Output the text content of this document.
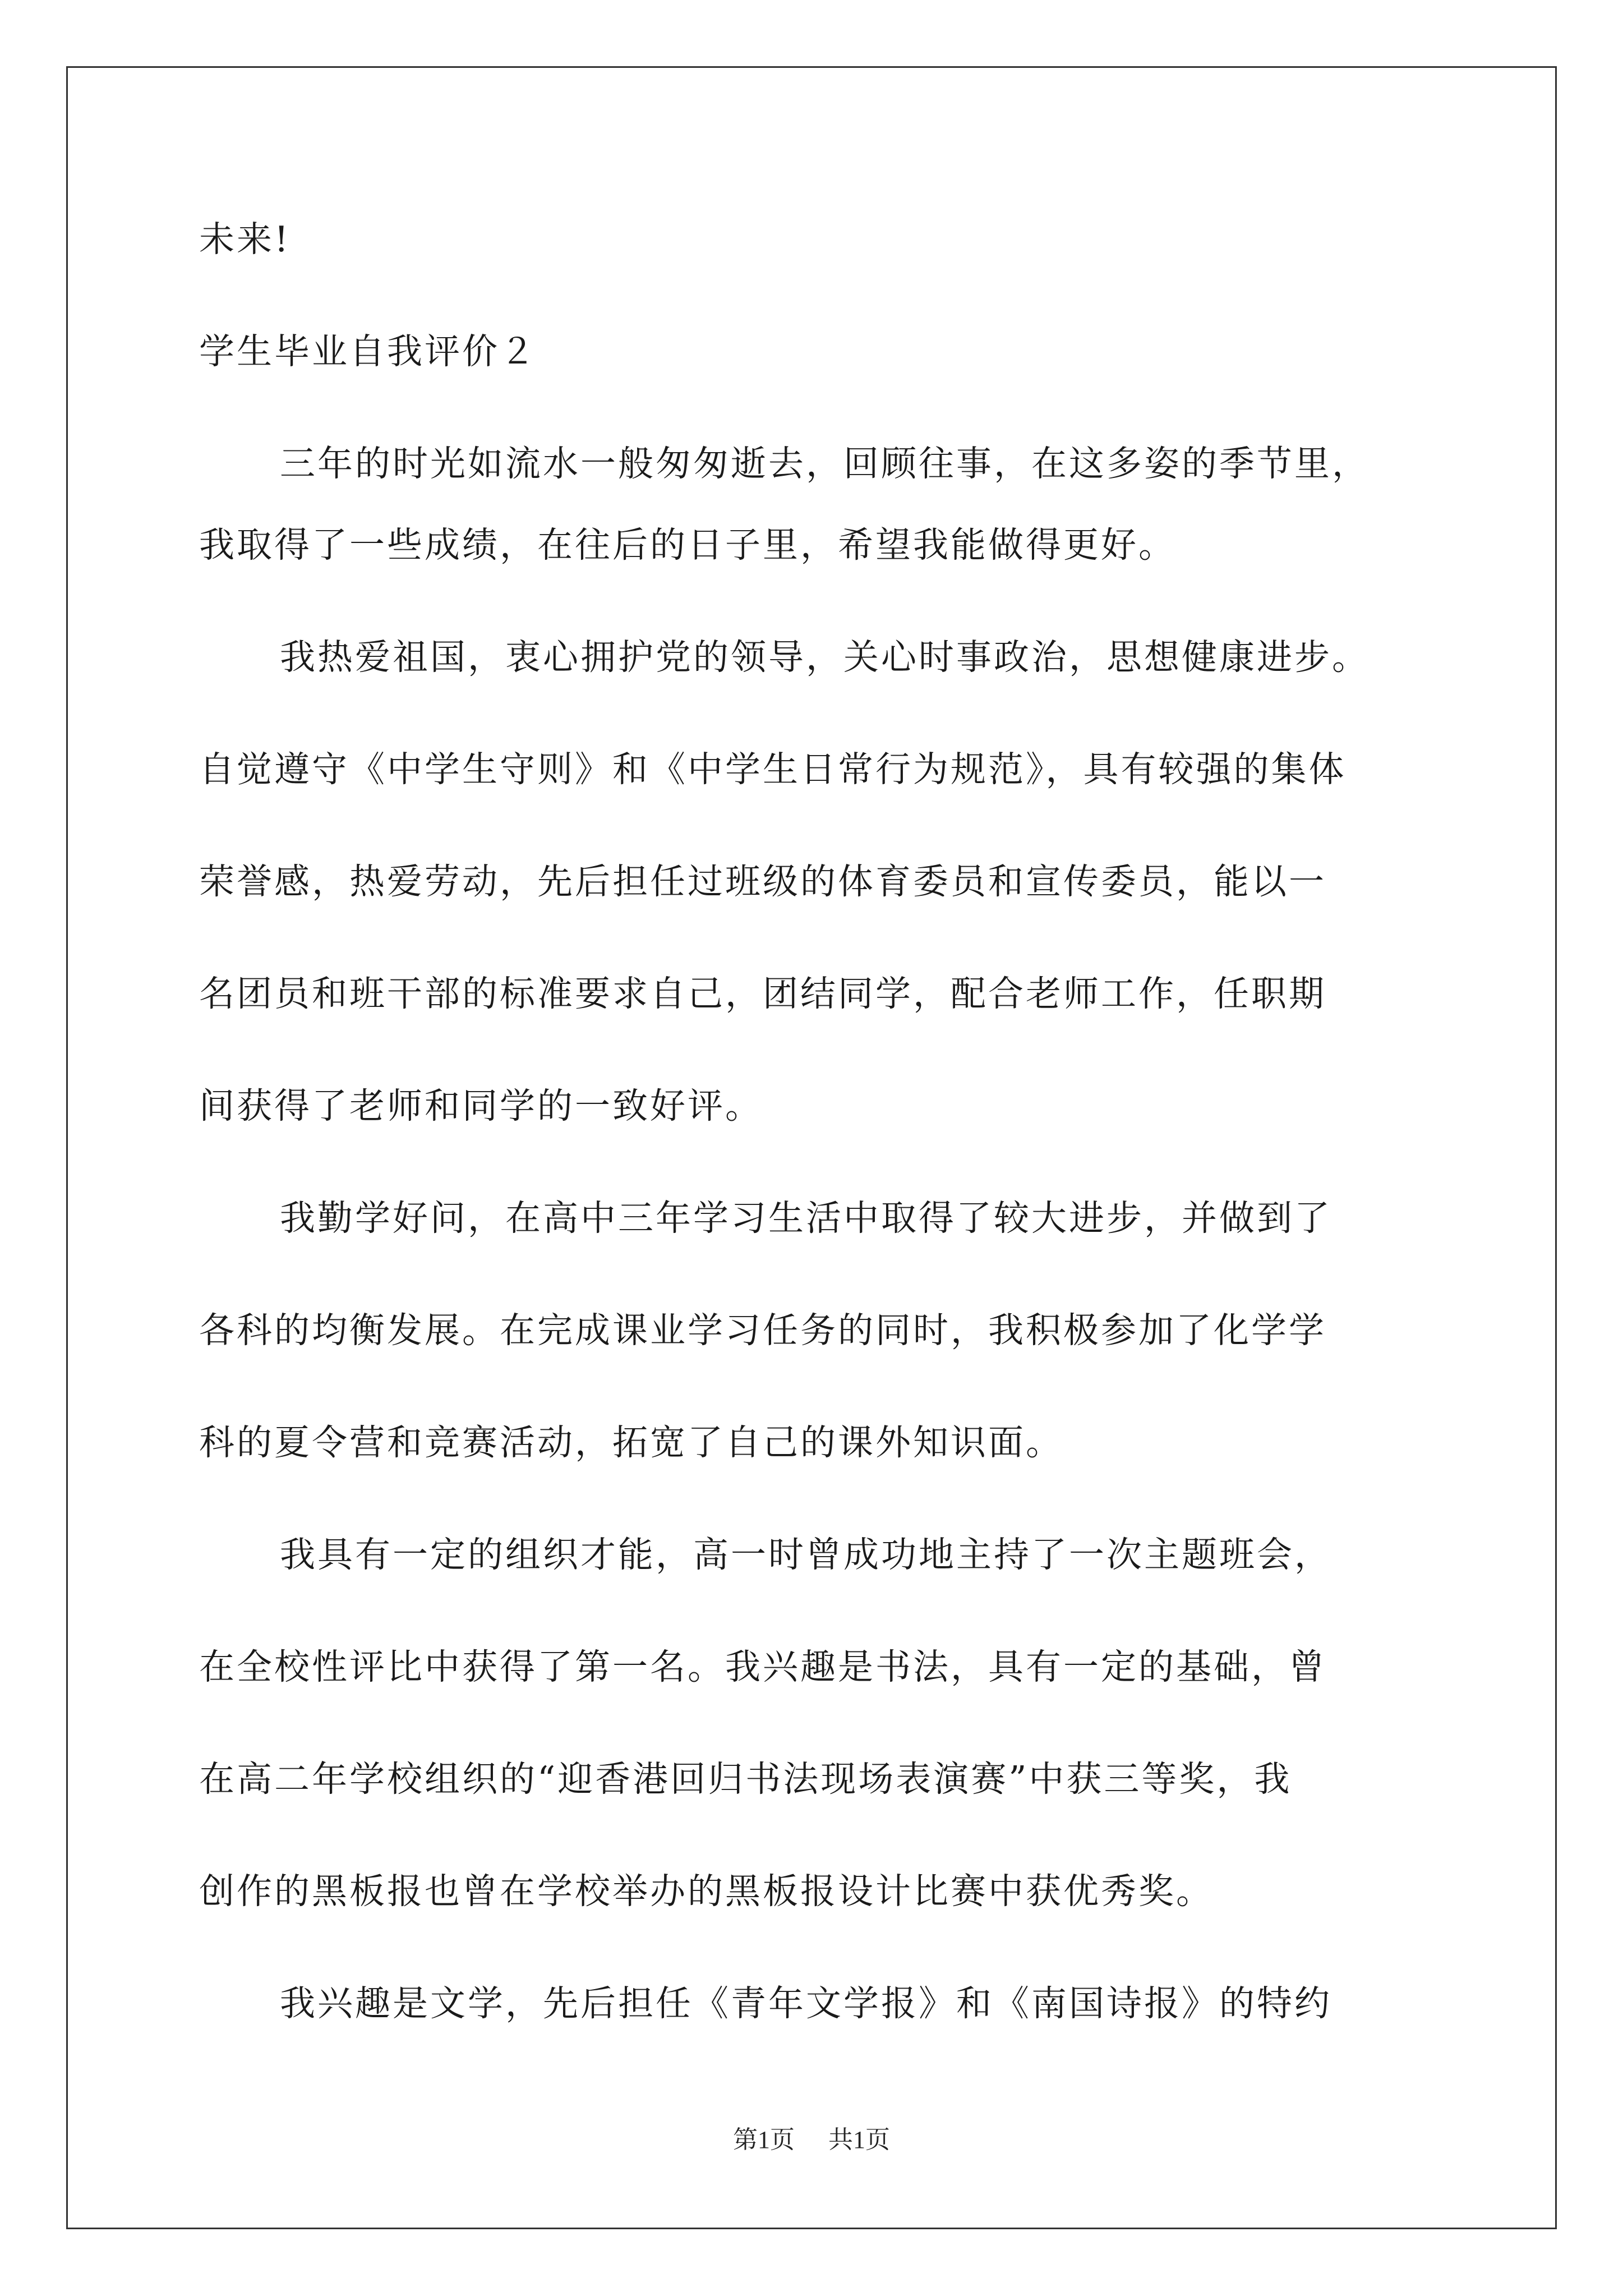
未来!
学生毕业自我评价２
三年的时光如流水一般匆匆逝去，回顾往事，在这多姿的季节里，
我取得了一些成绩，在往后的日子里，希望我能做得更好。
我热爱祖国，衷心拥护党的领导，关心时事政治，思想健康进步。
自觉遵守《中学生守则》和《中学生日常行为规范》，具有较强的集体
荣誉感，热爱劳动，先后担任过班级的体育委员和宣传委员，能以一
名团员和班干部的标准要求自己，团结同学，配合老师工作，任职期
间获得了老师和同学的一致好评。
我勤学好问，在高中三年学习生活中取得了较大进步，并做到了
各科的均衡发展。在完成课业学习任务的同时，我积极参加了化学学
科的夏令营和竞赛活动，拓宽了自己的课外知识面。
我具有一定的组织才能，高一时曾成功地主持了一次主题班会，
在全校性评比中获得了第一名。我兴趣是书法，具有一定的基础，曾
在高二年学校组织的“迎香港回归书法现场表演赛”中获三等奖，我
创作的黑板报也曾在学校举办的黑板报设计比赛中获优秀奖。
我兴趣是文学，先后担任《青年文学报》和《南国诗报》的特约
第1页 共1页
